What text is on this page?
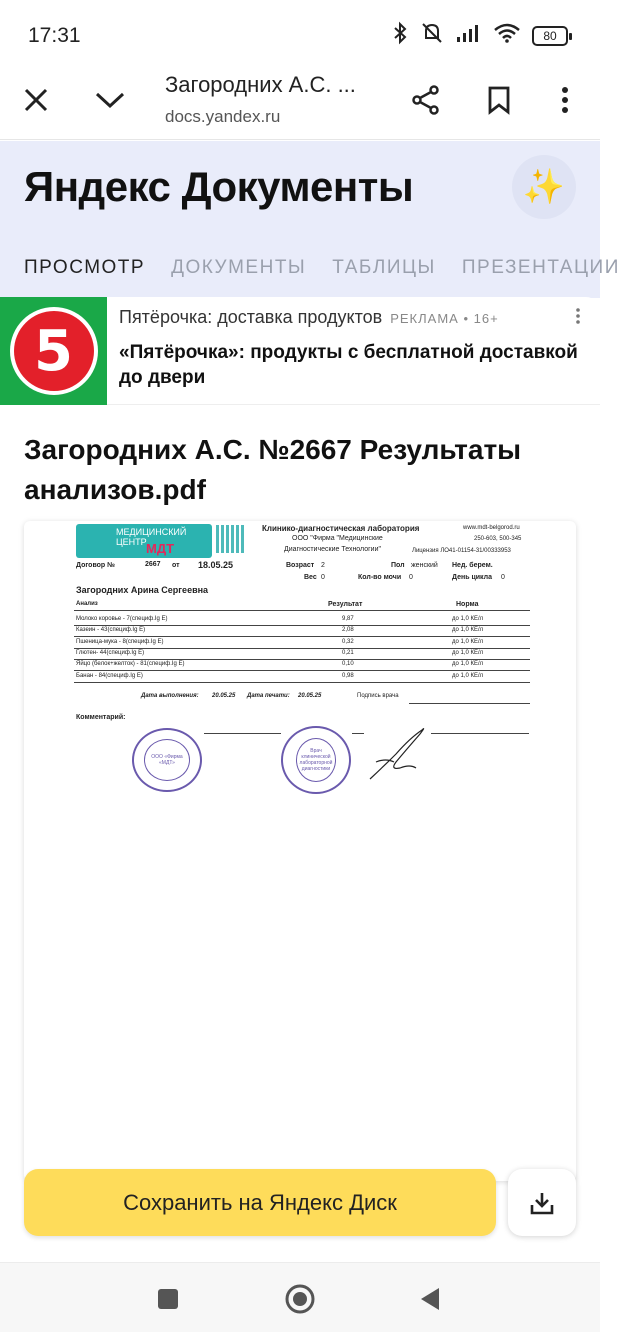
17:31	80
Загородних А.С. ...
docs.yandex.ru
Яндекс Документы	✨
ПРОСМОТР ДОКУМЕНТЫ ТАБЛИЦЫ ПРЕЗЕНТАЦИИ
5
Пятёрочка: доставка продуктов РЕКЛАМА • 16+
«Пятёрочка»: продукты с бесплатной доставкой до двери
Загородних А.С. №2667 Результаты анализов.pdf
МЕДИЦИНСКИЙ ЦЕНТР МДТ
Клинико-диагностическая лаборатория
ООО "Фирма "Медицинские
Диагностические Технологии"
www.mdt-belgorod.ru
250-603, 500-345
Лицензия ЛО41-01154-31/00333953
Договор №	2667 от 18.05.25	Возраст 2	Пол женский Нед. берем.
Вес 0	Кол-во мочи 0	День цикла 0
Загородних Арина Сергеевна
Анализ	Результат	Норма
Молоко коровье - 7(специф.Ig E)	9,87	до 1,0 КЕ/л
Казеин - 43(специф.Ig E)	2,08	до 1,0 КЕ/л
Пшеница-мука - 8(специф.Ig E)	0,32	до 1,0 КЕ/л
Глютен- 44(специф.Ig E)	0,21	до 1,0 КЕ/л
Яйцо (белок+желток) - 81(специф.Ig E)	0,10	до 1,0 КЕ/л
Банан - 84(специф.Ig E)	0,98	до 1,0 КЕ/л
Дата выполнения: 20.05.25 Дата печати: 20.05.25	Подпись врача
Комментарий:
ООО «Фирма «МДТ»
Врач клинической лабораторной диагностики
Сохранить на Яндекс Диск
